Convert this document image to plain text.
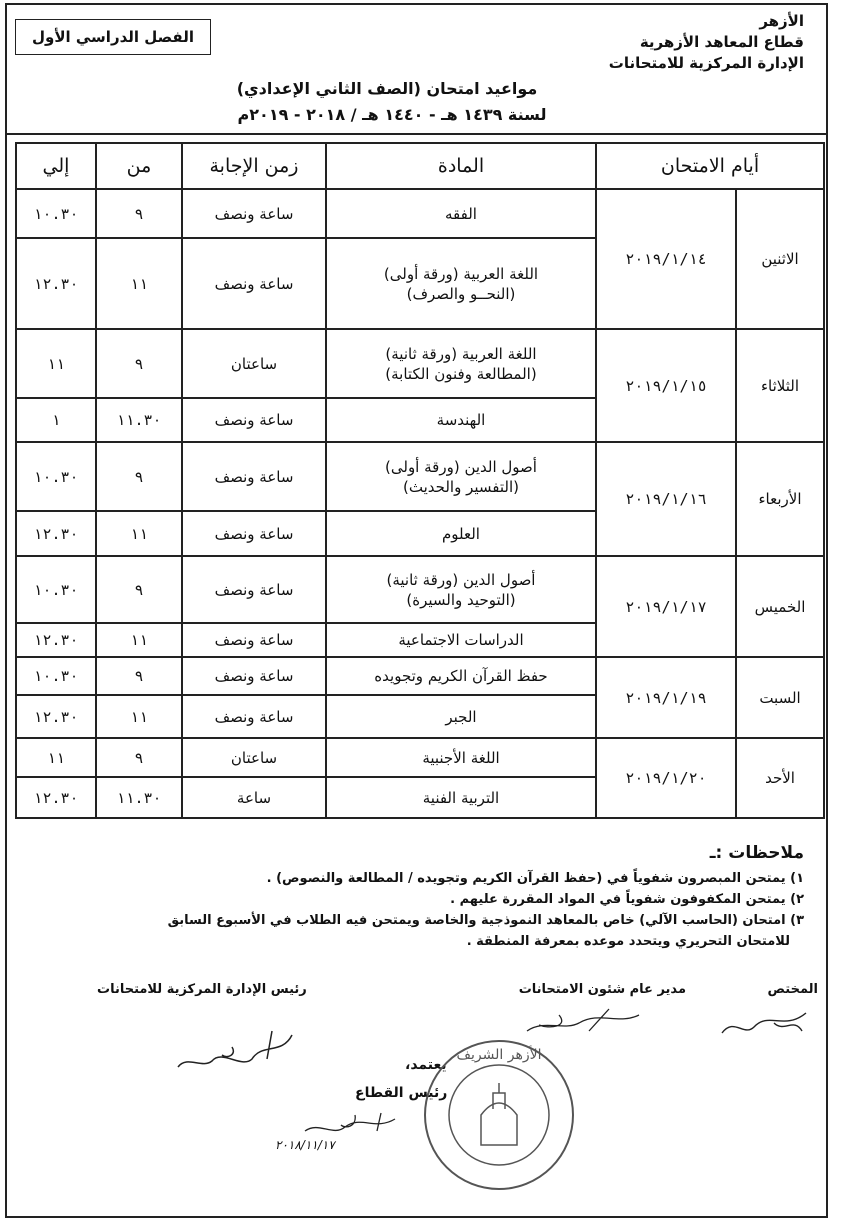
الأزهر
قطاع المعاهد الأزهرية
الإدارة المركزية للامتحانات
الفصل الدراسي الأول
مواعيد امتحان (الصف الثاني الإعدادي)
لسنة ١٤٣٩ هـ - ١٤٤٠ هـ / ٢٠١٨ - ٢٠١٩م
أيام الامتحان		المادة	زمن الإجابة	من	إلي
الاثنين	٢٠١٩/١/١٤	الفقه	ساعة ونصف	٩	١٠.٣٠

		اللغة العربية (ورقة أولى)
(النحــو والصرف)	ساعة ونصف	١١	١٢.٣٠
الثلاثاء	٢٠١٩/١/١٥	اللغة العربية (ورقة ثانية)
(المطالعة وفنون الكتابة)	ساعتان	٩	١١

		الهندسة	ساعة ونصف	١١.٣٠	١
الأربعاء	٢٠١٩/١/١٦	أصول الدين (ورقة أولى)
(التفسير والحديث)	ساعة ونصف	٩	١٠.٣٠

		العلوم	ساعة ونصف	١١	١٢.٣٠
الخميس	٢٠١٩/١/١٧	أصول الدين (ورقة ثانية)
(التوحيد والسيرة)	ساعة ونصف	٩	١٠.٣٠

		الدراسات الاجتماعية	ساعة ونصف	١١	١٢.٣٠
السبت	٢٠١٩/١/١٩	حفظ القرآن الكريم وتجويده	ساعة ونصف	٩	١٠.٣٠

		الجبر	ساعة ونصف	١١	١٢.٣٠
الأحد	٢٠١٩/١/٢٠	اللغة الأجنبية	ساعتان	٩	١١

		التربية الفنية	ساعة	١١.٣٠	١٢.٣٠
ملاحظات :ـ
١) يمتحن المبصرون شفوياً في (حفظ القرآن الكريم وتجويده / المطالعة والنصوص) .
٢) يمتحن المكفوفون شفوياً في المواد المقررة عليهم .
٣) امتحان (الحاسب الآلي) خاص بالمعاهد النموذجية والخاصة ويمتحن فيه الطلاب في الأسبوع السابق
للامتحان التحريري ويتحدد موعده بمعرفة المنطقة .
المختص
مدير عام شئون الامتحانات
رئيس الإدارة المركزية للامتحانات
يعتمد،
رئيس القطاع
٢٠١٨/١١/١٧
الأزهر الشريف
